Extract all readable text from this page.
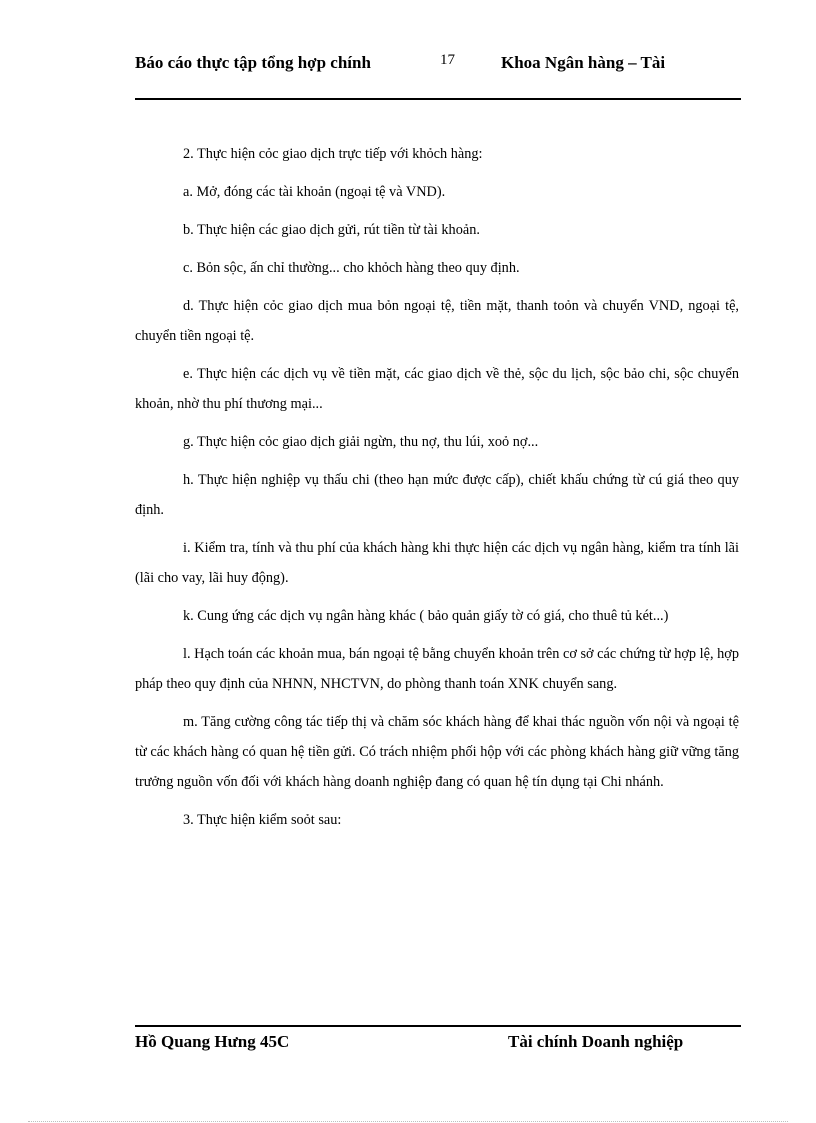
Báo cáo thực tập tổng hợp chính	17	Khoa Ngân hàng – Tài

2. Thực hiện cỏc giao dịch trực tiếp với khỏch hàng:

a. Mở, đóng các tài khoản (ngoại tệ và VND).

b. Thực hiện các giao dịch gửi, rút tiền từ tài khoản.

c. Bỏn sộc, ấn chỉ thường... cho khỏch hàng theo quy định.

d. Thực hiện cỏc giao dịch mua bỏn ngoại tệ, tiền mặt, thanh toỏn và chuyển VND, ngoại tệ, chuyển tiền ngoại tệ.

e. Thực hiện các dịch vụ về tiền mặt, các giao dịch về thẻ, sộc du lịch, sộc bảo chi, sộc chuyển khoản, nhờ thu phí thương mại...

g. Thực hiện cỏc giao dịch giải ngừn, thu nợ, thu lúi, xoỏ nợ...

h. Thực hiện nghiệp vụ thấu chi (theo hạn mức được cấp), chiết khấu chứng từ cú giá theo quy định.

i. Kiểm tra, tính và thu phí của khách hàng khi thực hiện các dịch vụ ngân hàng, kiểm tra tính lãi (lãi cho vay, lãi huy động).

k. Cung ứng các dịch vụ ngân hàng khác ( bảo quản giấy tờ có giá, cho thuê tủ két...)

l. Hạch toán các khoản mua, bán ngoại tệ bằng chuyển khoản trên cơ sở các chứng từ hợp lệ, hợp pháp theo quy định của NHNN, NHCTVN, do phòng thanh toán XNK chuyển sang.

m. Tăng cường công tác tiếp thị và chăm sóc khách hàng để khai thác nguồn vốn nội và ngoại tệ từ các khách hàng có quan hệ tiền gửi. Có trách nhiệm phối hộp với các phòng khách hàng giữ vững tăng trưởng nguồn vốn đối với khách hàng doanh nghiệp đang có quan hệ tín dụng tại Chi nhánh.

3. Thực hiện kiểm soỏt sau:

Hồ Quang Hưng 45C	Tài chính Doanh nghiệp
